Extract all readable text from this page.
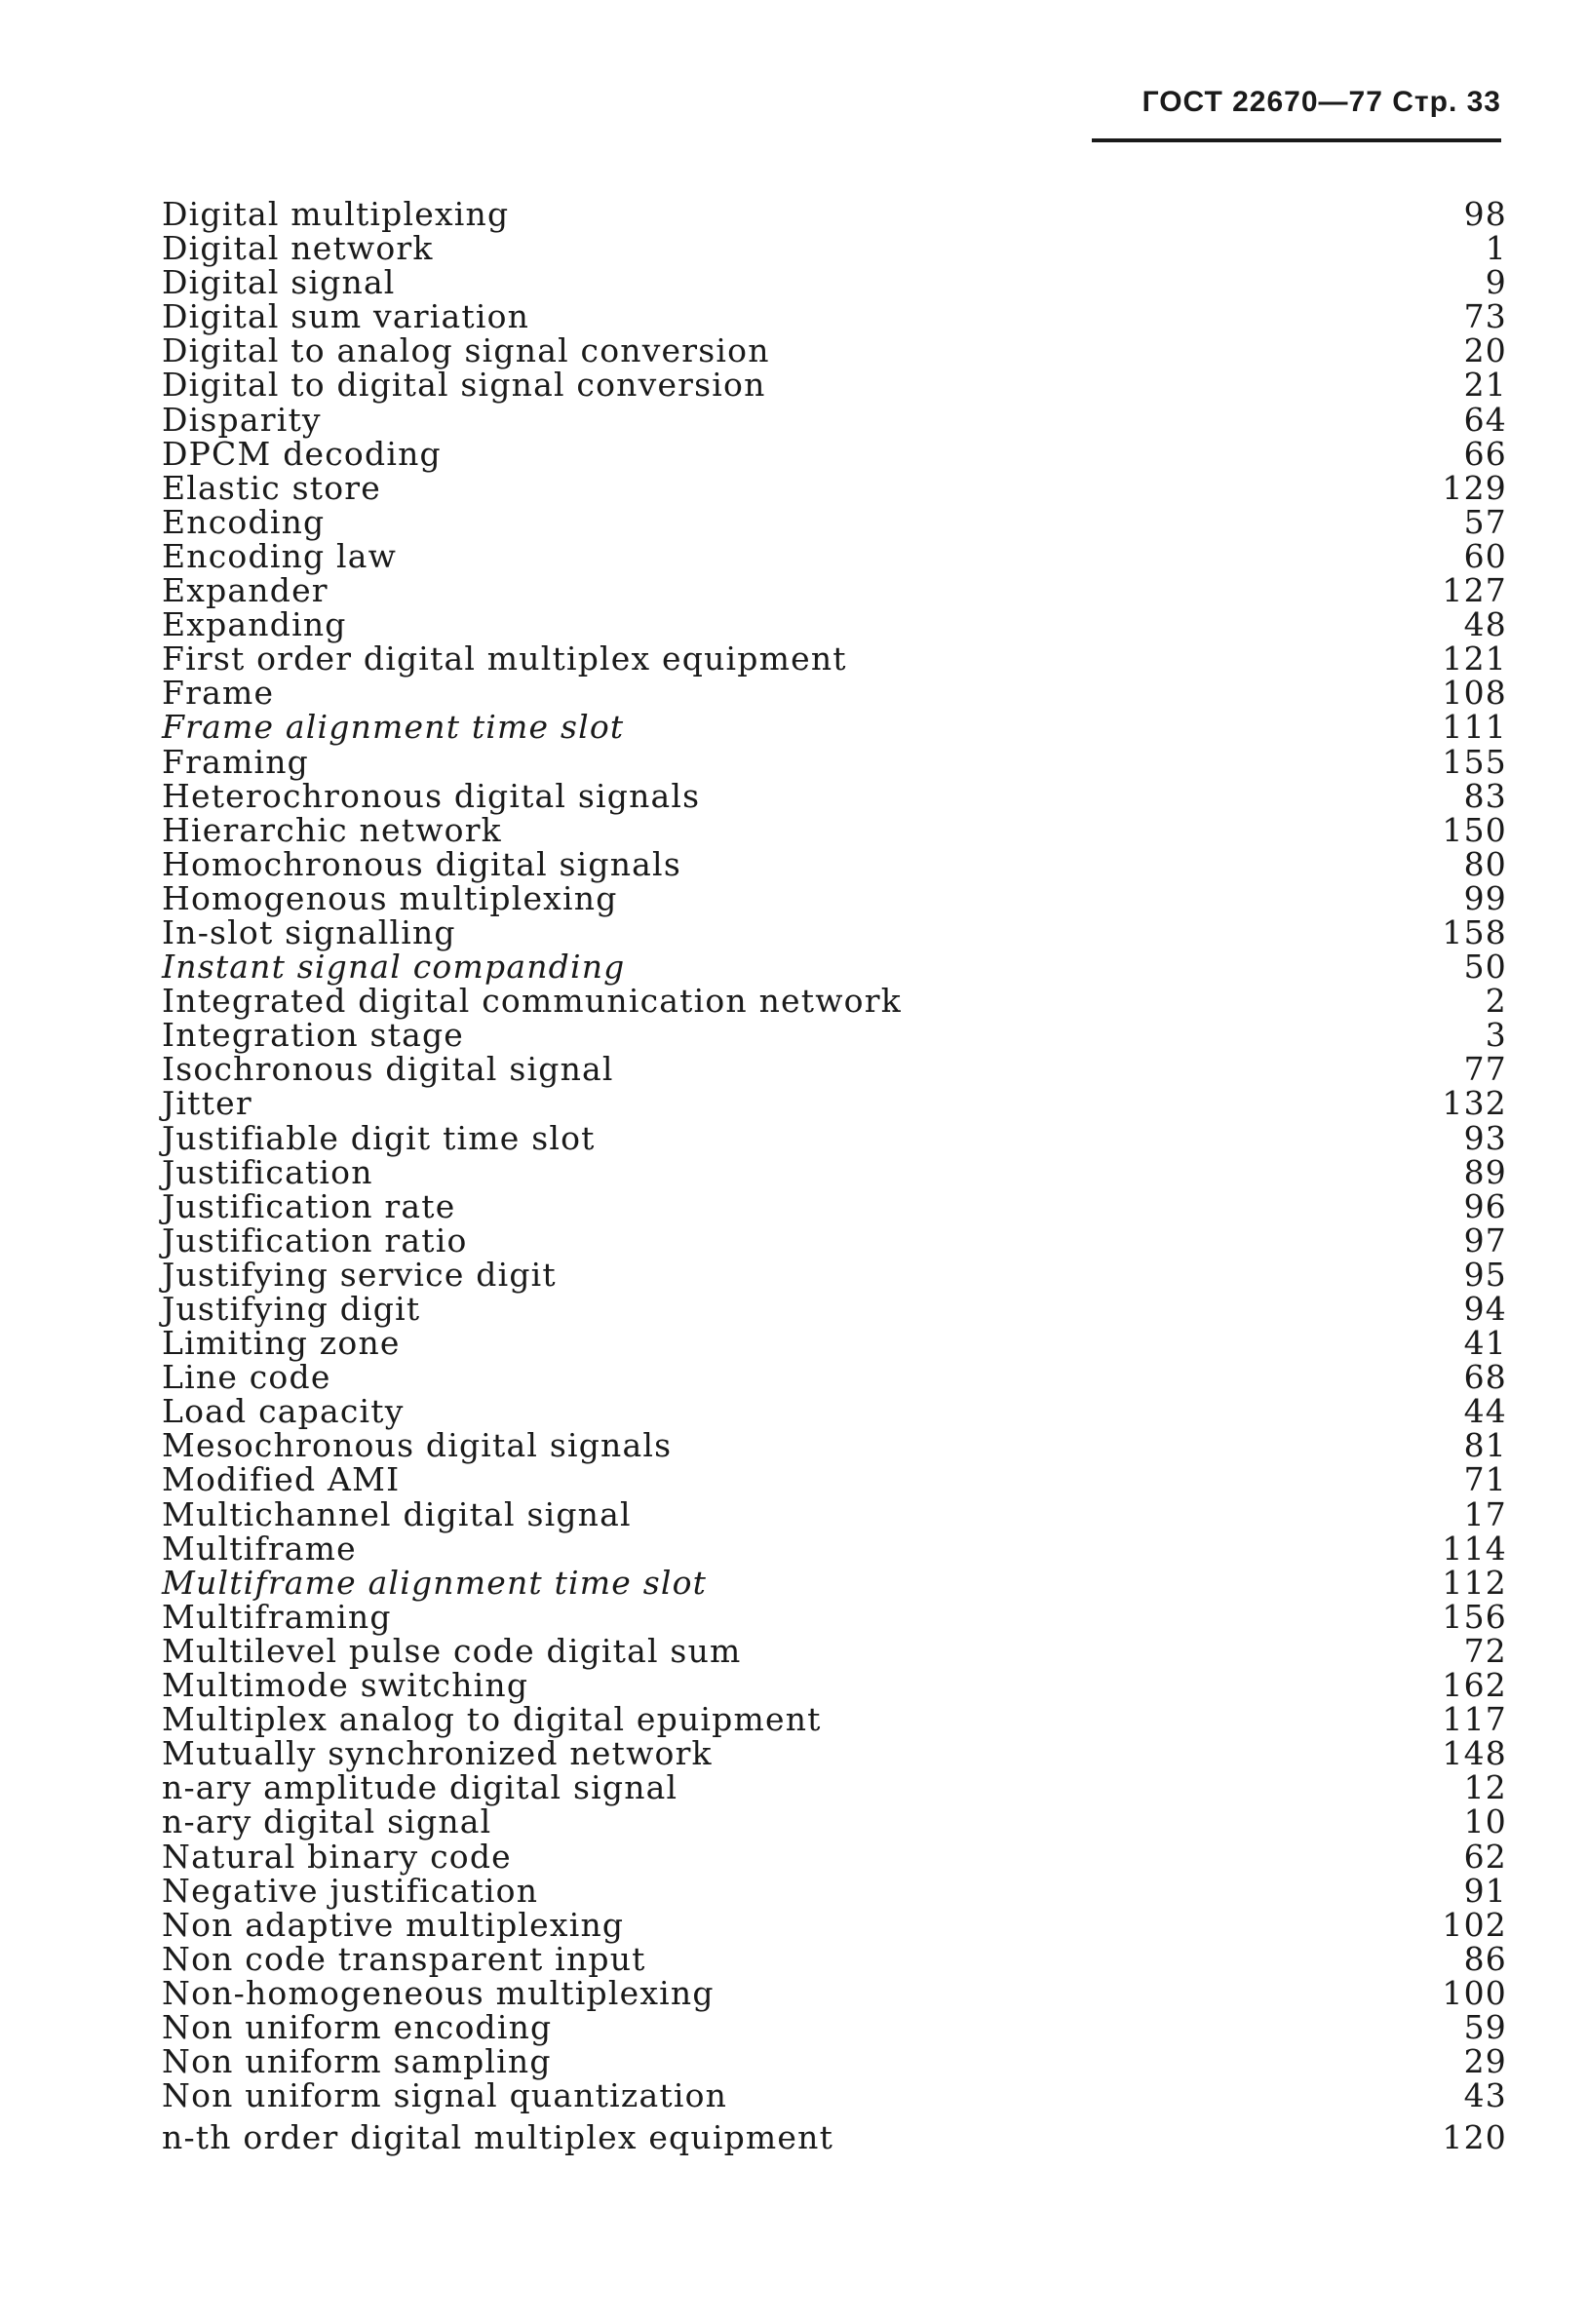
ГОСТ 22670—77 Стр. 33
Digital multiplexing	98
Digital network	1
Digital signal	9
Digital sum variation	73
Digital to analog signal conversion	20
Digital to digital signal conversion	21
Disparity	64
DPCM decoding	66
Elastic store	129
Encoding	57
Encoding law	60
Expander	127
Expanding	48
First order digital multiplex equipment	121
Frame	108
Frame alignment time slot	111
Framing	155
Heterochronous digital signals	83
Hierarchic network	150
Homochronous digital signals	80
Homogenous multiplexing	99
In-slot signalling	158
Instant signal companding	50
Integrated digital communication network	2
Integration stage	3
Isochronous digital signal	77
Jitter	132
Justifiable digit time slot	93
Justification	89
Justification rate	96
Justification ratio	97
Justifying service digit	95
Justifying digit	94
Limiting zone	41
Line code	68
Load capacity	44
Mesochronous digital signals	81
Modified AMI	71
Multichannel digital signal	17
Multiframe	114
Multiframe alignment time slot	112
Multiframing	156
Multilevel pulse code digital sum	72
Multimode switching	162
Multiplex analog to digital epuipment	117
Mutually synchronized network	148
n-ary amplitude digital signal	12
n-ary digital signal	10
Natural binary code	62
Negative justification	91
Non adaptive multiplexing	102
Non code transparent input	86
Non-homogeneous multiplexing	100
Non uniform encoding	59
Non uniform sampling	29
Non uniform signal quantization	43
n-th order digital multiplex equipment	120
